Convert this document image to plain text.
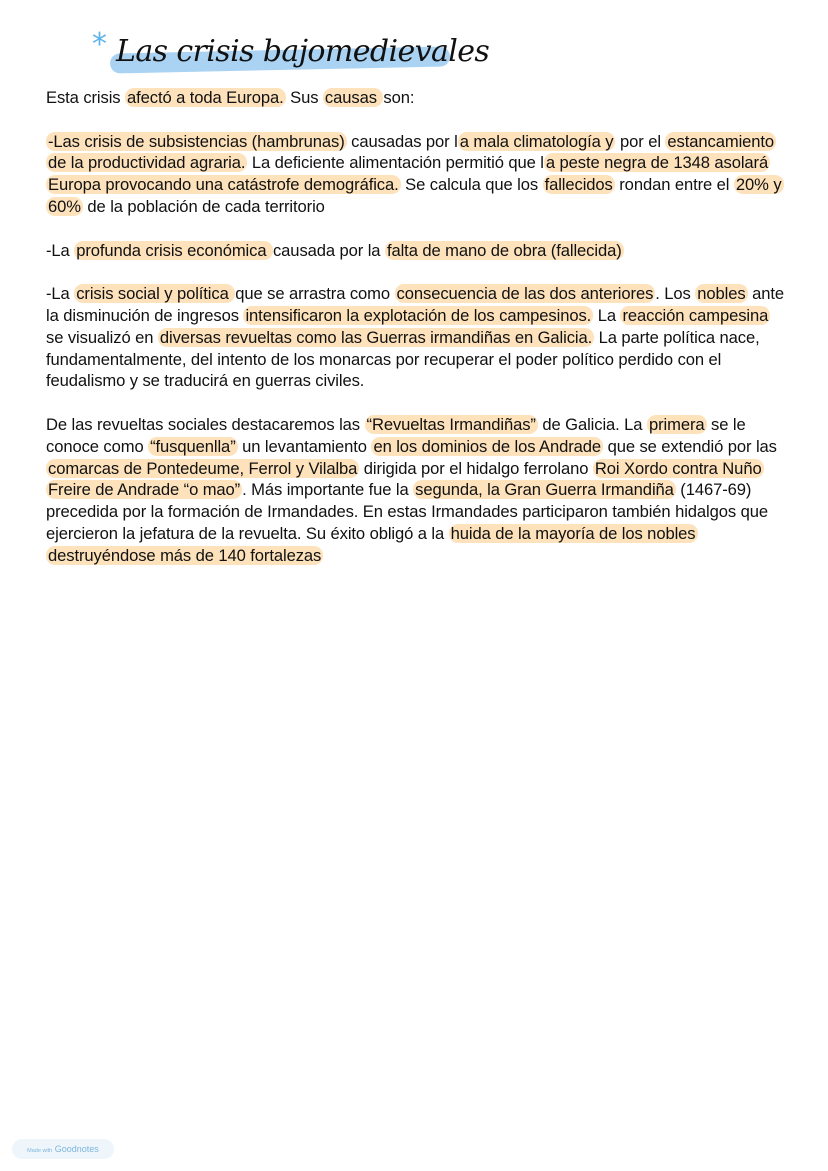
* Las crisis bajomedievales

Esta crisis afectó a toda Europa. Sus causas son:

-Las crisis de subsistencias (hambrunas) causadas por l a mala climatología y por el estancamiento de la productividad agraria. La deficiente alimentación permitió que l a peste negra de 1348 asolará Europa provocando una catástrofe demográfica. Se calcula que los fallecidos rondan entre el 20% y 60% de la población de cada territorio

-La profunda crisis económica causada por la falta de mano de obra (fallecida)

-La crisis social y política que se arrastra como consecuencia de las dos anteriores . Los nobles ante la disminución de ingresos intensificaron la explotación de los campesinos. La reacción campesina se visualizó en diversas revueltas como las Guerras irmandiñas en Galicia. La parte política nace, fundamentalmente, del intento de los monarcas por recuperar el poder político perdido con el feudalismo y se traducirá en guerras civiles.

De las revueltas sociales destacaremos las “Revueltas Irmandiñas” de Galicia. La primera se le conoce como “fusquenlla” un levantamiento en los dominios de los Andrade que se extendió por las comarcas de Pontedeume, Ferrol y Vilalba dirigida por el hidalgo ferrolano Roi Xordo contra Nuño Freire de Andrade “o mao” . Más importante fue la segunda, la Gran Guerra Irmandiña (1467-69) precedida por la formación de Irmandades. En estas Irmandades participaron también hidalgos que ejercieron la jefatura de la revuelta. Su éxito obligó a la huida de la mayoría de los nobles destruyéndose más de 140 fortalezas

Made with Goodnotes
